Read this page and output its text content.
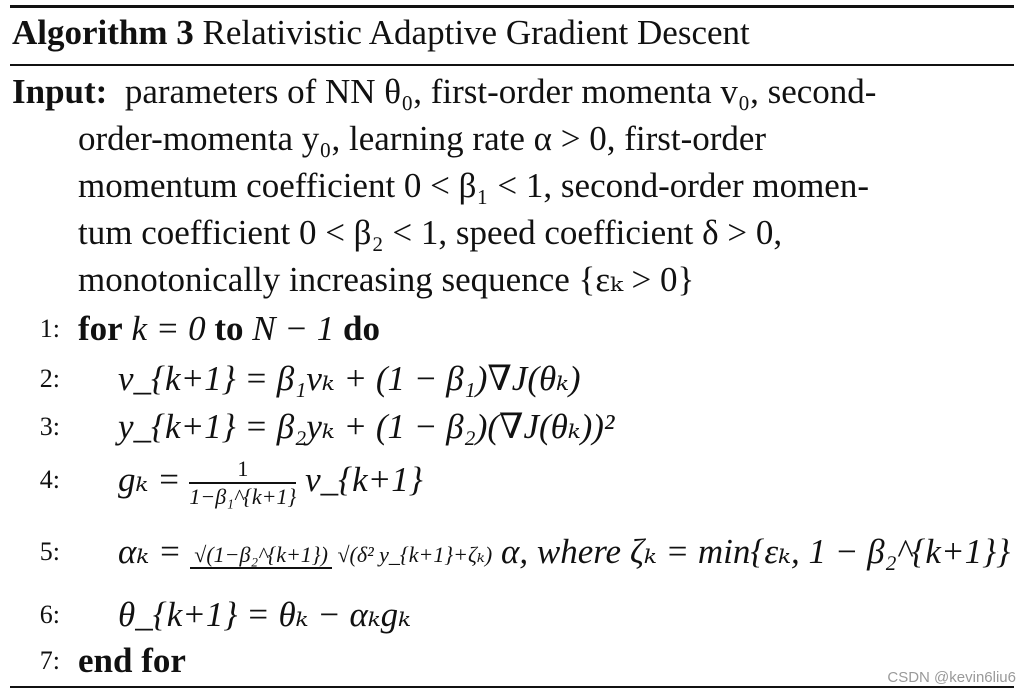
Algorithm 3 Relativistic Adaptive Gradient Descent
Input: parameters of NN θ₀, first-order momenta v₀, second-
order-momenta y₀, learning rate α > 0, first-order
momentum coefficient 0 < β₁ < 1, second-order momen-
tum coefficient 0 < β₂ < 1, speed coefficient δ > 0,
monotonically increasing sequence {εₖ > 0}
1: for k = 0 to N − 1 do
2: v_{k+1} = β₁vₖ + (1 − β₁)∇J(θₖ)
3: y_{k+1} = β₂yₖ + (1 − β₂)(∇J(θₖ))²
4: $g_k = \frac{1}{\text{1−β₁\textasciicircum{}\{k+1\}}}$ v_{k+1}
5: αₖ = √(1−β₂^{k+1}) √(δ² y_{k+1}+ζₖ) α, where ζₖ = min{εₖ, 1 − β₂^{k+1}}
6: θ_{k+1} = θₖ − αₖgₖ
7: end for	CSDN @kevin6liu6
